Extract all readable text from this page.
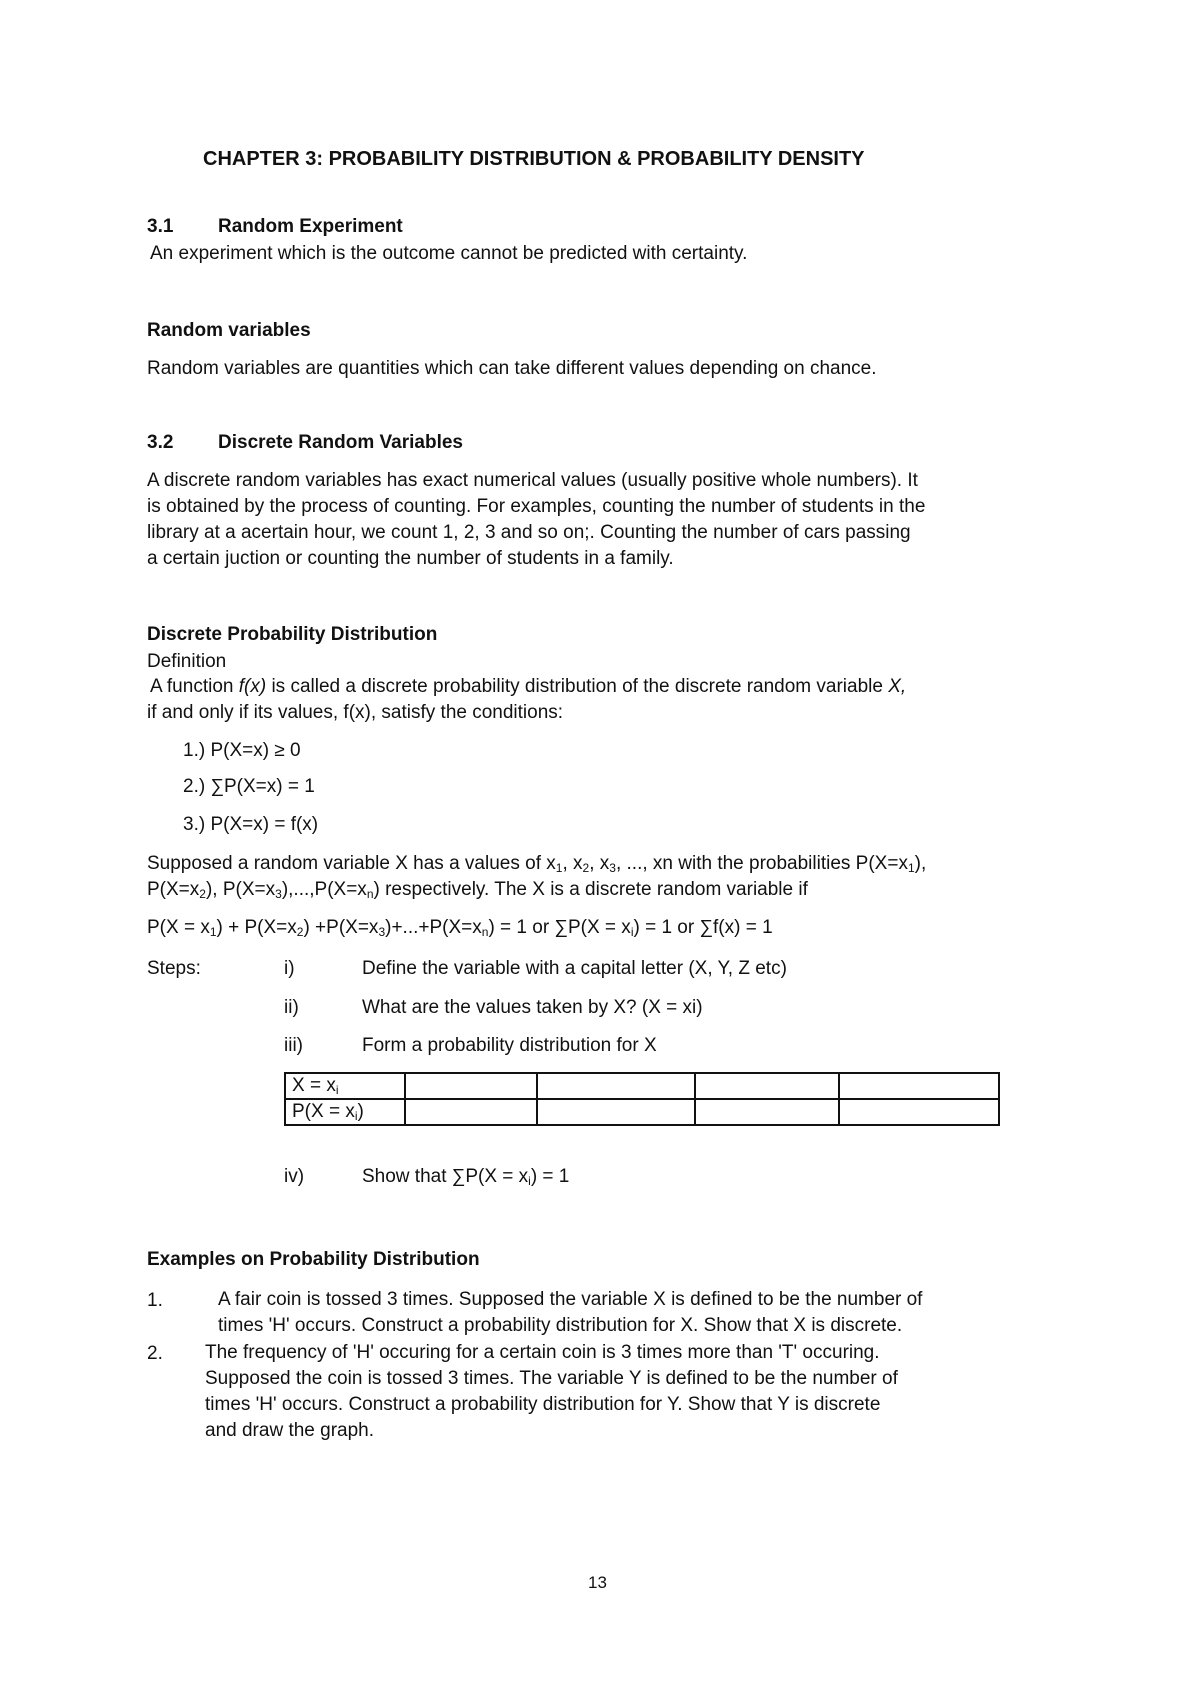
CHAPTER 3: PROBABILITY DISTRIBUTION & PROBABILITY DENSITY
3.1 Random Experiment
An experiment which is the outcome cannot be predicted with certainty.
Random variables
Random variables are quantities which can take different values depending on chance.
3.2 Discrete Random Variables
A discrete random variables has exact numerical values (usually positive whole numbers). It
is obtained by the process of counting. For examples, counting the number of students in the
library at a acertain hour, we count 1, 2, 3 and so on;. Counting the number of cars passing
a certain juction or counting the number of students in a family.
Discrete Probability Distribution
Definition
A function f(x) is called a discrete probability distribution of the discrete random variable X,
if and only if its values, f(x), satisfy the conditions:
1.) P(X=x) ≥ 0
2.) ∑P(X=x) = 1
3.) P(X=x) = f(x)
Supposed a random variable X has a values of $x_1$, $x_2$, $x_3$, ..., xn with the probabilities $P(X=x_1)$,
$P(X=x_2)$, $P(X=x_3),...,P(X=x_n)$ respectively. The X is a discrete random variable if
$P(X = x_1) + P(X=x_2) +P(X=x_3)+...+P(X=x_n) = 1$ or $\sum P(X = x_i) = 1$ or ∑f(x) = 1
Steps:	i)	Define the variable with a capital letter (X, Y, Z etc)
ii)	What are the values taken by X? (X = xi)
iii)	Form a probability distribution for X
$X = x_i$				
$P(X = x_i)$				
iv)	Show that $\sum P(X = x_i) = 1$
Examples on Probability Distribution
1.	A fair coin is tossed 3 times. Supposed the variable X is defined to be the number of
times 'H' occurs. Construct a probability distribution for X. Show that X is discrete.
2. The frequency of 'H' occuring for a certain coin is 3 times more than 'T' occuring.
Supposed the coin is tossed 3 times. The variable Y is defined to be the number of
times 'H' occurs. Construct a probability distribution for Y. Show that Y is discrete
and draw the graph.
13
